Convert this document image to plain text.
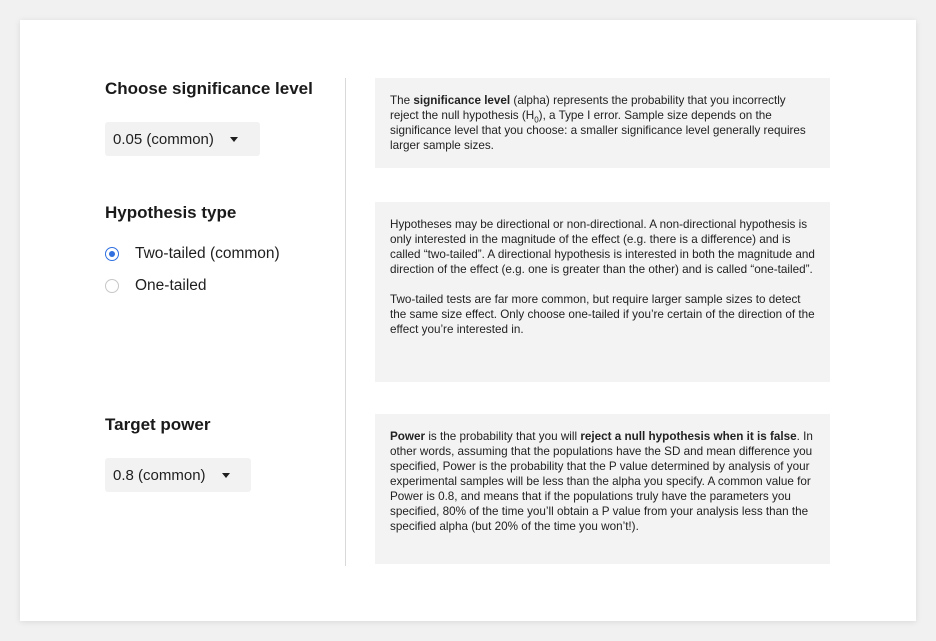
Choose significance level
0.05 (common)

The significance level (alpha) represents the probability that you incorrectly reject the null hypothesis $(H_0)$, a Type I error. Sample size depends on the significance level that you choose: a smaller significance level generally requires larger sample sizes.

Hypothesis type
Two-tailed (common)
One-tailed

Hypotheses may be directional or non-directional. A non-directional hypothesis is only interested in the magnitude of the effect (e.g. there is a difference) and is called “two-tailed”. A directional hypothesis is interested in both the magnitude and direction of the effect (e.g. one is greater than the other) and is called “one-tailed”.

Two-tailed tests are far more common, but require larger sample sizes to detect the same size effect. Only choose one-tailed if you’re certain of the direction of the effect you’re interested in.

Target power
0.8 (common)

Power is the probability that you will reject a null hypothesis when it is false. In other words, assuming that the populations have the SD and mean difference you specified, Power is the probability that the P value determined by analysis of your experimental samples will be less than the alpha you specify. A common value for Power is 0.8, and means that if the populations truly have the parameters you specified, 80% of the time you’ll obtain a P value from your analysis less than the specified alpha (but 20% of the time you won’t!).
